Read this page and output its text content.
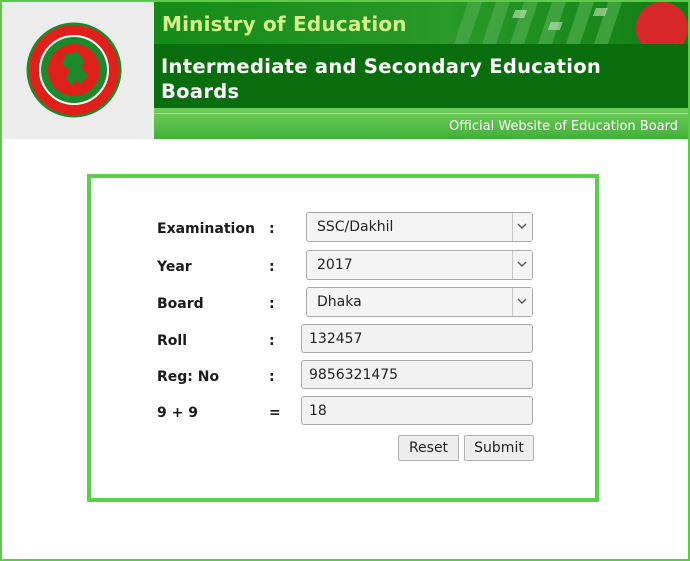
সরকার
Ministry of Education
Intermediate and Secondary Education Boards
Official Website of Education Board
Examination :	SSC/Dakhil
Year	:	2017
Board	:	Dhaka
Roll	: 132457
Reg: No	: 9856321475
9 + 9	= 18
Reset	Submit
